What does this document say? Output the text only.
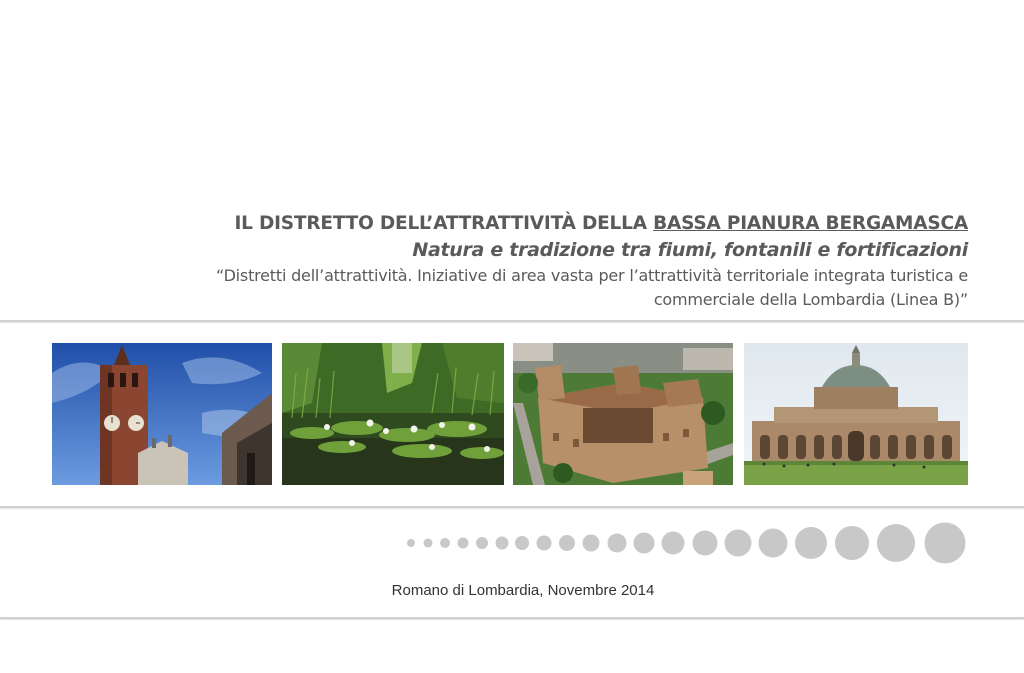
IL DISTRETTO DELL’ATTRATTIVITÀ DELLA BASSA PIANURA BERGAMASCA
Natura e tradizione tra fiumi, fontanili e fortificazioni
“Distretti dell’attrattività. Iniziative di area vasta per l’attrattività territoriale integrata turistica e
commerciale della Lombardia (Linea B)”
Romano di Lombardia, Novembre 2014
